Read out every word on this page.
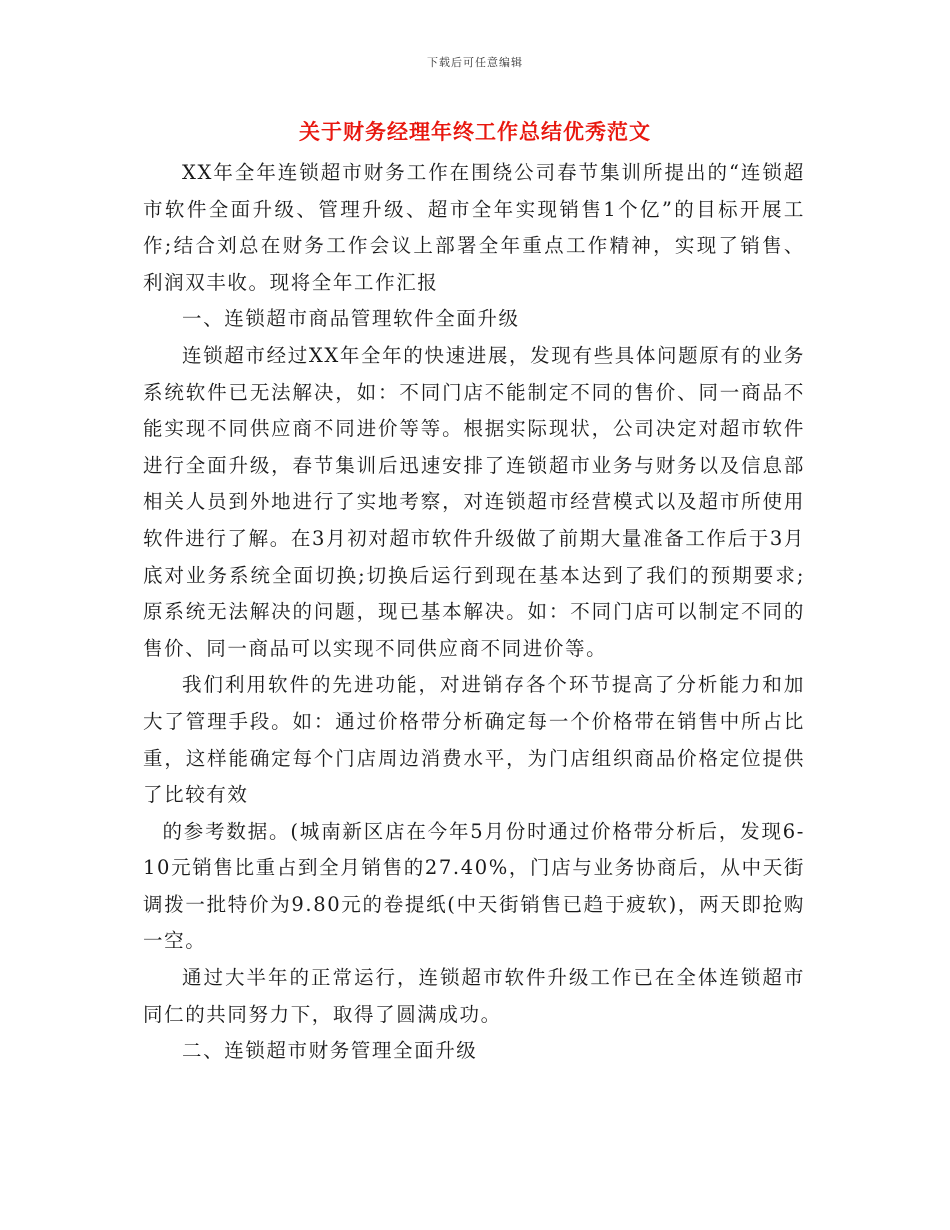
下载后可任意编辑
关于财务经理年终工作总结优秀范文

XX年全年连锁超市财务工作在围绕公司春节集训所提出的“连锁超市软件全面升级、管理升级、超市全年实现销售1个亿”的目标开展工作;结合刘总在财务工作会议上部署全年重点工作精神，实现了销售、利润双丰收。现将全年工作汇报

一、连锁超市商品管理软件全面升级

连锁超市经过XX年全年的快速进展，发现有些具体问题原有的业务系统软件已无法解决，如：不同门店不能制定不同的售价、同一商品不能实现不同供应商不同进价等等。根据实际现状，公司决定对超市软件进行全面升级，春节集训后迅速安排了连锁超市业务与财务以及信息部相关人员到外地进行了实地考察，对连锁超市经营模式以及超市所使用软件进行了解。在3月初对超市软件升级做了前期大量准备工作后于3月底对业务系统全面切换;切换后运行到现在基本达到了我们的预期要求;原系统无法解决的问题，现已基本解决。如：不同门店可以制定不同的售价、同一商品可以实现不同供应商不同进价等。

我们利用软件的先进功能，对进销存各个环节提高了分析能力和加大了管理手段。如：通过价格带分析确定每一个价格带在销售中所占比重，这样能确定每个门店周边消费水平，为门店组织商品价格定位提供了比较有效

的参考数据。(城南新区店在今年5月份时通过价格带分析后，发现6-10元销售比重占到全月销售的27.40%，门店与业务协商后，从中天街调拨一批特价为9.80元的卷提纸(中天街销售已趋于疲软)，两天即抢购一空。

通过大半年的正常运行，连锁超市软件升级工作已在全体连锁超市同仁的共同努力下，取得了圆满成功。

二、连锁超市财务管理全面升级
